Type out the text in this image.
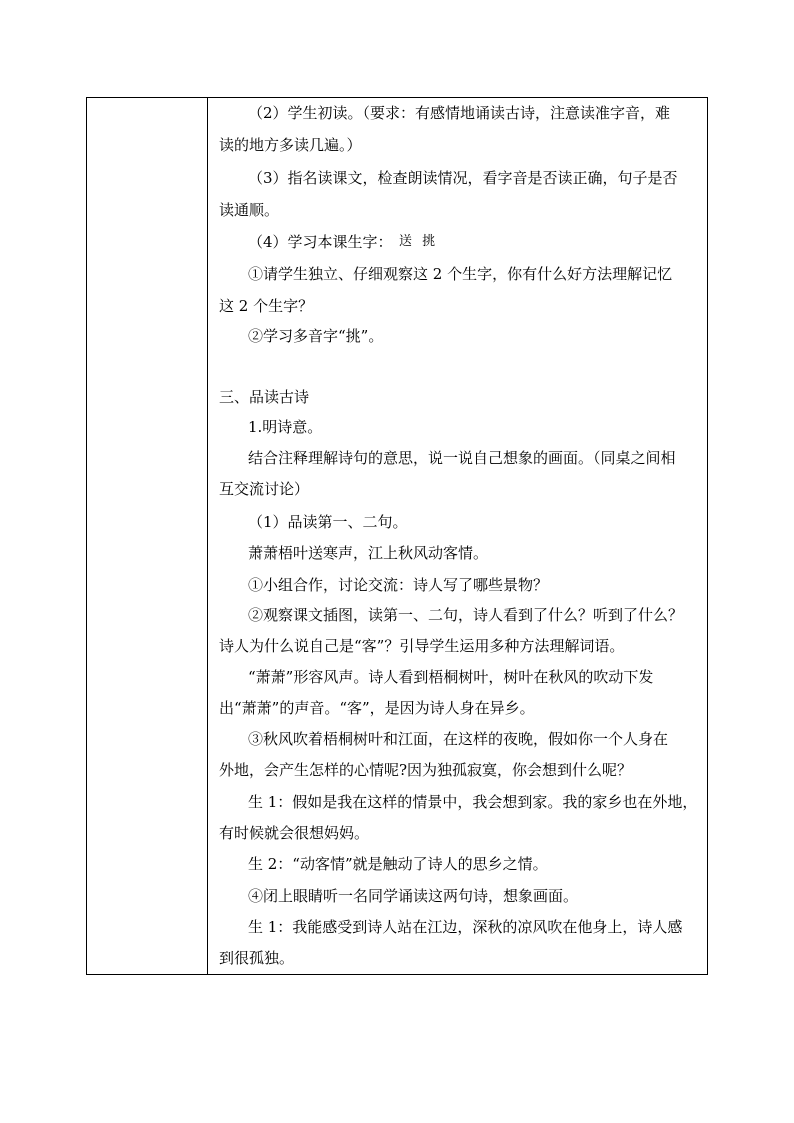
（2）学生初读。（要求：有感情地诵读古诗，注意读准字音，难
读的地方多读几遍。）
（3）指名读课文，检查朗读情况，看字音是否读正确，句子是否
读通顺。
（4）学习本课生字： 送 挑
①请学生独立、仔细观察这 2 个生字，你有什么好方法理解记忆
这 2 个生字？
②学习多音字“挑”。
三、品读古诗
1.明诗意。
结合注释理解诗句的意思，说一说自己想象的画面。（同桌之间相
互交流讨论）
（1）品读第一、二句。
萧萧梧叶送寒声，江上秋风动客情。
①小组合作，讨论交流：诗人写了哪些景物？
②观察课文插图，读第一、二句，诗人看到了什么？听到了什么？
诗人为什么说自己是“客”？引导学生运用多种方法理解词语。
“萧萧”形容风声。诗人看到梧桐树叶，树叶在秋风的吹动下发
出“萧萧”的声音。“客”，是因为诗人身在异乡。
③秋风吹着梧桐树叶和江面，在这样的夜晚，假如你一个人身在
外地，会产生怎样的心情呢?因为独孤寂寞，你会想到什么呢？
生 1：假如是我在这样的情景中，我会想到家。我的家乡也在外地，
有时候就会很想妈妈。
生 2：“动客情”就是触动了诗人的思乡之情。
④闭上眼睛听一名同学诵读这两句诗，想象画面。
生 1：我能感受到诗人站在江边，深秋的凉风吹在他身上，诗人感
到很孤独。
